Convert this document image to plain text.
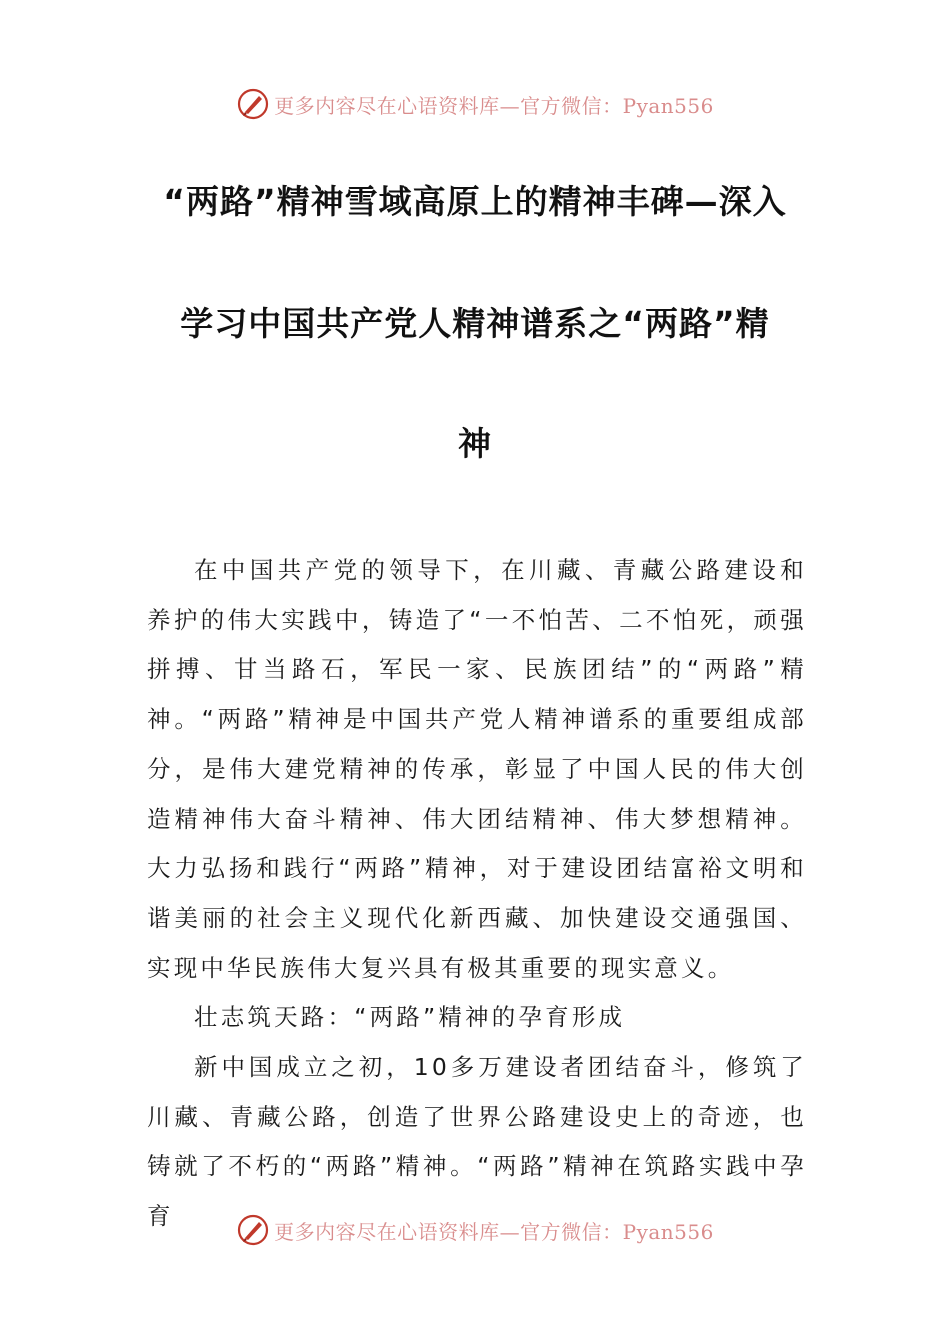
更多内容尽在心语资料库—官方微信：Pyan556
“两路”精神雪域高原上的精神丰碑—深入
学习中国共产党人精神谱系之“两路”精
神

在中国共产党的领导下，在川藏、青藏公路建设和养护的伟大实践中，铸造了“一不怕苦、二不怕死，顽强拼搏、甘当路石，军民一家、民族团结”的“两路”精神。“两路”精神是中国共产党人精神谱系的重要组成部分，是伟大建党精神的传承，彰显了中国人民的伟大创造精神伟大奋斗精神、伟大团结精神、伟大梦想精神。大力弘扬和践行“两路”精神，对于建设团结富裕文明和谐美丽的社会主义现代化新西藏、加快建设交通强国、实现中华民族伟大复兴具有极其重要的现实意义。

壮志筑天路：“两路”精神的孕育形成

新中国成立之初，10多万建设者团结奋斗，修筑了川藏、青藏公路，创造了世界公路建设史上的奇迹，也铸就了不朽的“两路”精神。“两路”精神在筑路实践中孕育

更多内容尽在心语资料库—官方微信：Pyan556
